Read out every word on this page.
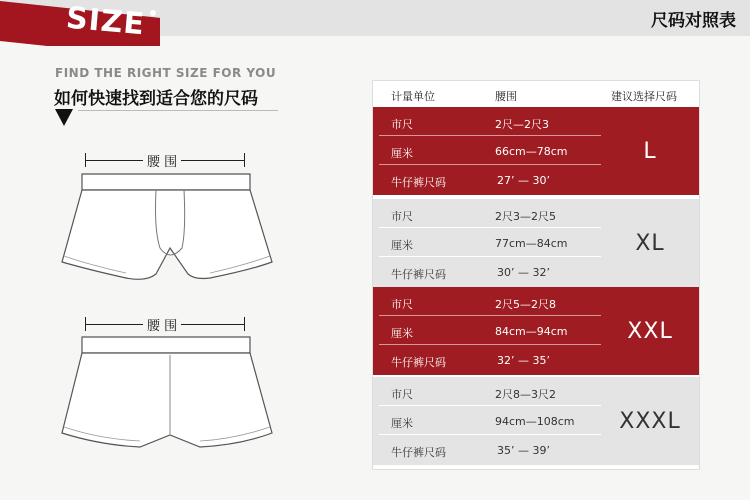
SIZE	尺码对照表
FIND THE RIGHT SIZE FOR YOU
如何快速找到适合您的尺码
腰 围
腰 围
计量单位	腰围	建议选择尺码
市尺	2尺—2尺3
厘米	66cm—78cm
牛仔裤尺码	27’ — 30’
L
市尺	2尺3—2尺5
厘米	77cm—84cm
牛仔裤尺码	30’ — 32’
XL
市尺	2尺5—2尺8
厘米	84cm—94cm
牛仔裤尺码	32’ — 35’
XXL
市尺	2尺8—3尺2
厘米	94cm—108cm
牛仔裤尺码	35’ — 39’
XXXL
